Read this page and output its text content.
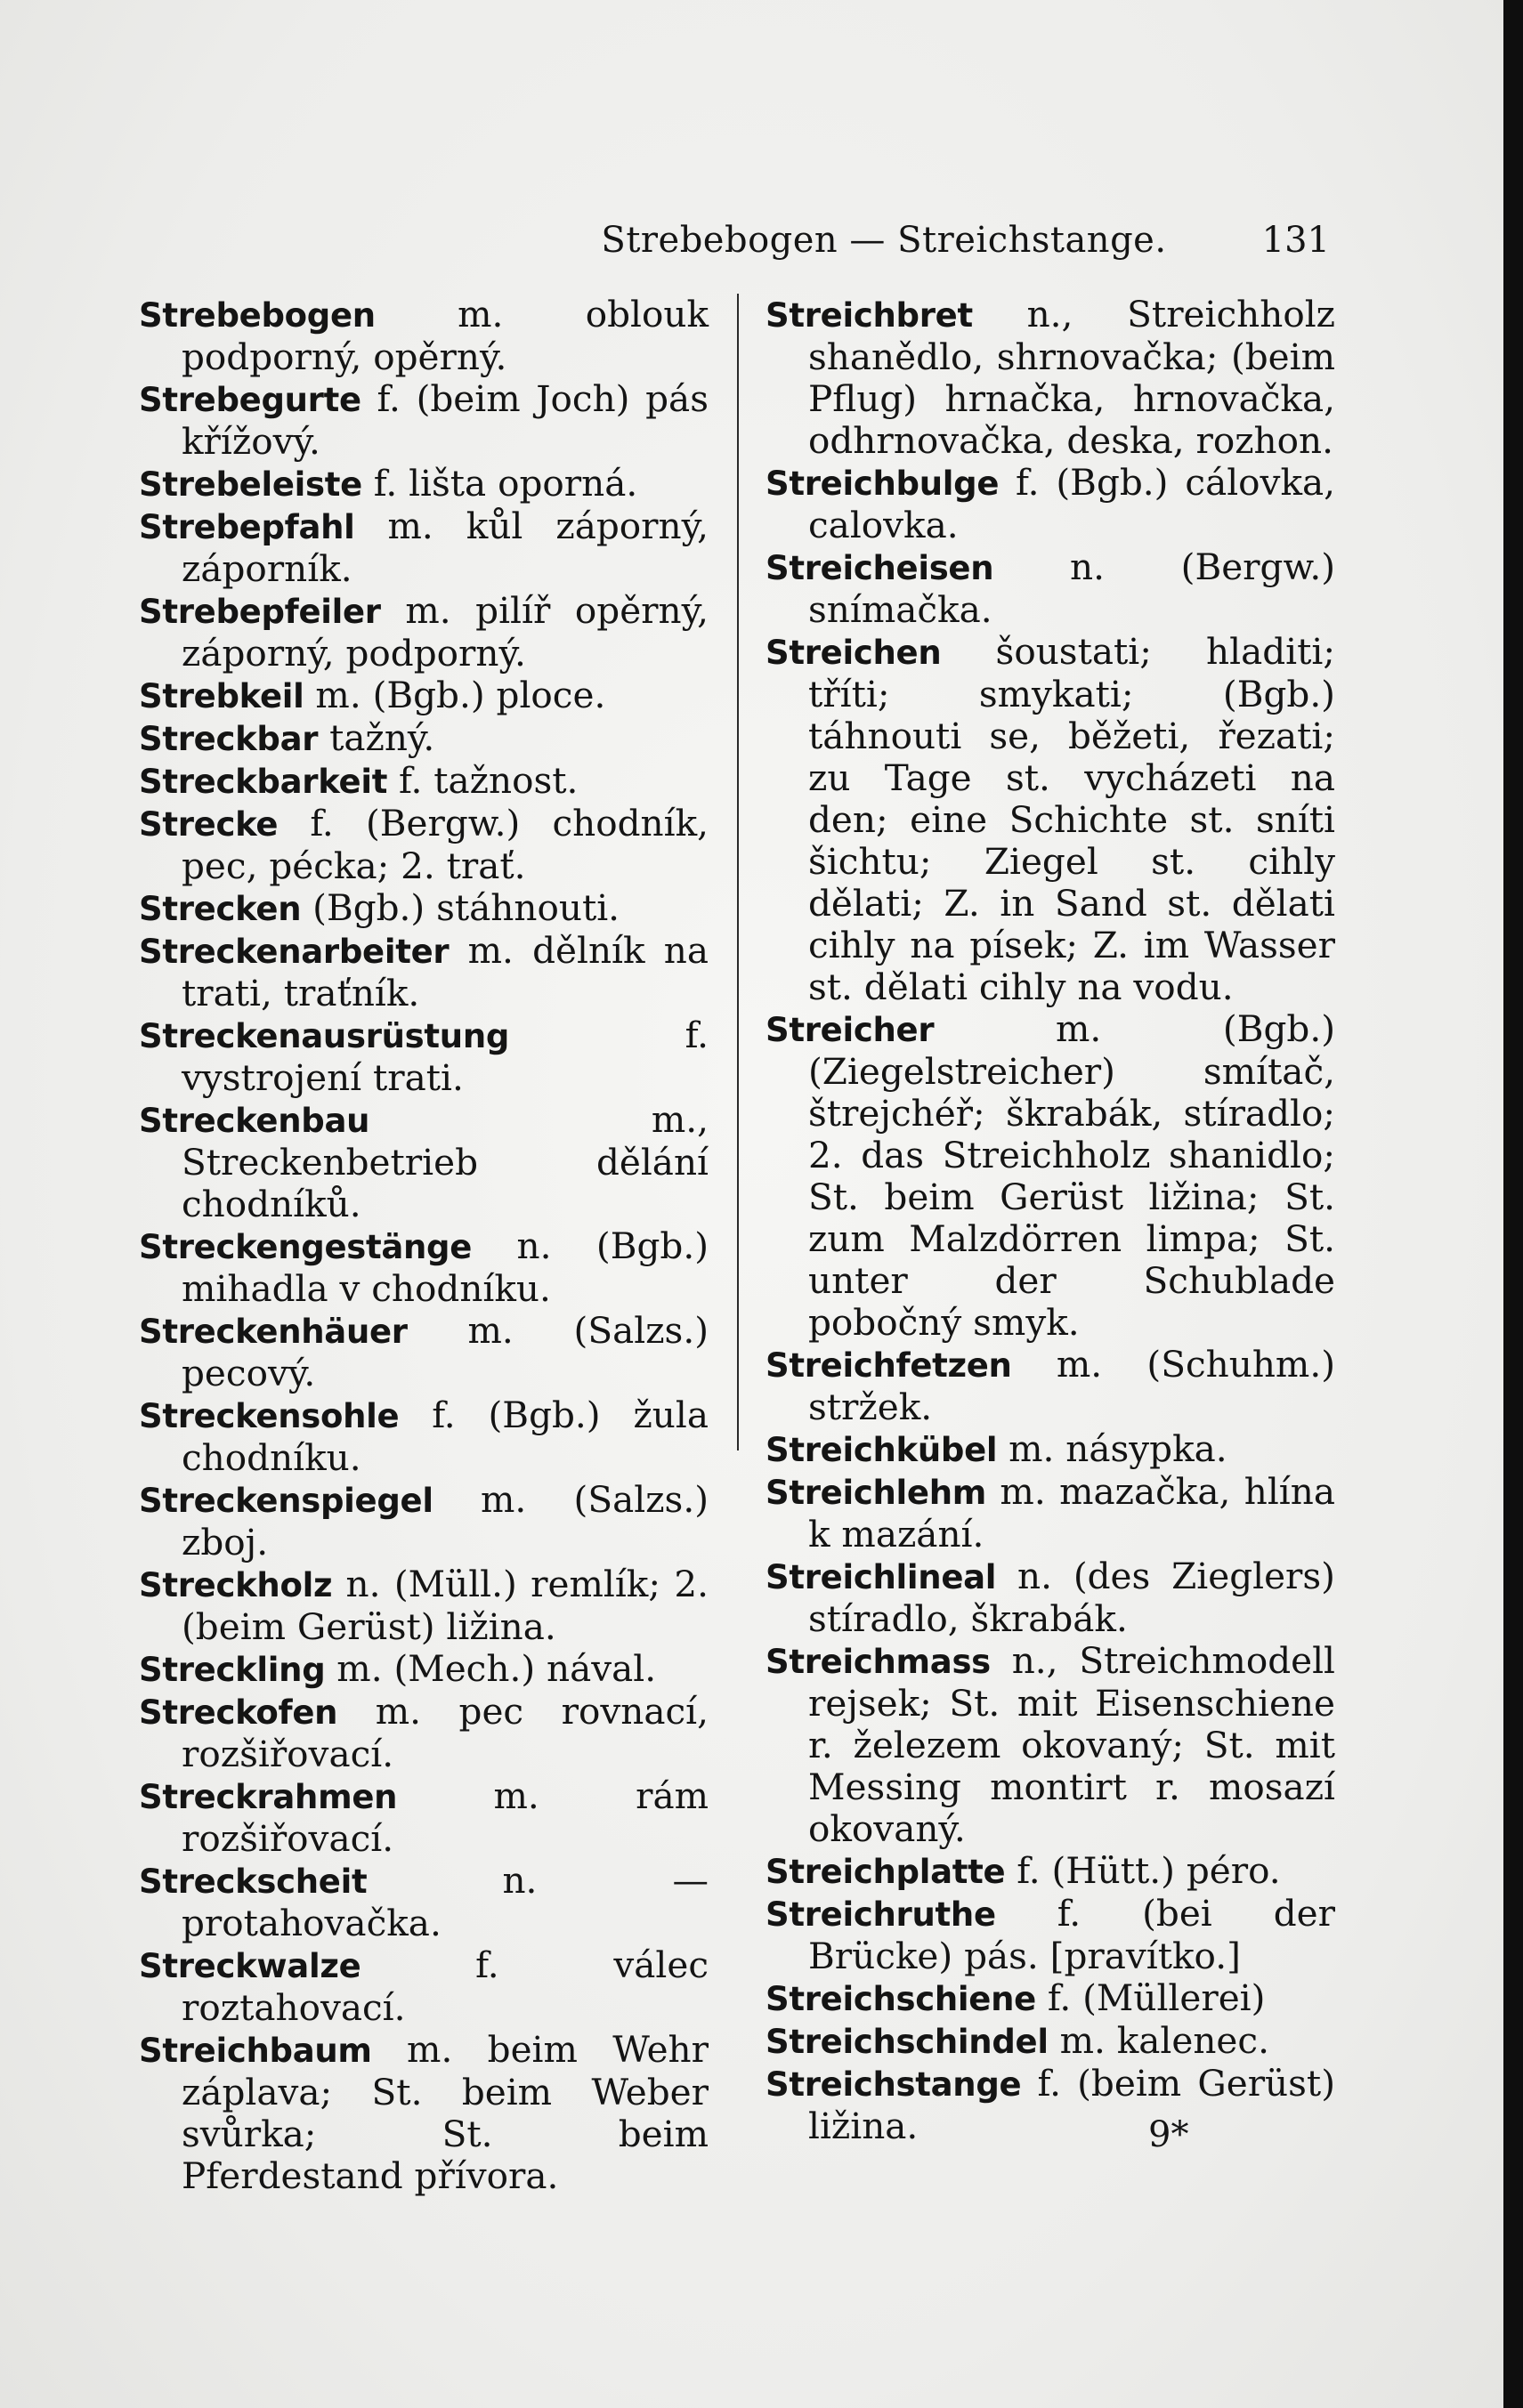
Strebebogen — Streichstange.	131

Strebebogen m. oblouk podporný, opěrný.

Strebegurte f. (beim Joch) pás křížový.

Strebeleiste f. lišta oporná.

Strebepfahl m. kůl záporný, záporník.

Strebepfeiler m. pilíř opěrný, záporný, podporný.

Strebkeil m. (Bgb.) ploce.

Streckbar tažný.

Streckbarkeit f. tažnost.

Strecke f. (Bergw.) chodník, pec, pécka; 2. trať.

Strecken (Bgb.) stáhnouti.

Streckenarbeiter m. dělník na trati, traťník.

Streckenausrüstung f. vystrojení trati.

Streckenbau m., Streckenbetrieb dělání chodníků.

Streckengestänge n. (Bgb.) mihadla v chodníku.

Streckenhäuer m. (Salzs.) pecový.

Streckensohle f. (Bgb.) žula chodníku.

Streckenspiegel m. (Salzs.) zboj.

Streckholz n. (Müll.) remlík; 2. (beim Gerüst) ližina.

Streckling m. (Mech.) nával.

Streckofen m. pec rovnací, rozšiřovací.

Streckrahmen m. rám rozšiřovací.

Streckscheit n. — protahovačka.

Streckwalze f. válec roztahovací.

Streichbaum m. beim Wehr záplava; St. beim Weber svůrka; St. beim Pferdestand přívora.

Streichbret n., Streichholz shanědlo, shrnovačka; (beim Pflug) hrnačka, hrnovačka, odhrnovačka, deska, rozhon.

Streichbulge f. (Bgb.) cálovka, calovka.

Streicheisen n. (Bergw.) snímačka.

Streichen šoustati; hladiti; tříti; smykati; (Bgb.) táhnouti se, běžeti, řezati; zu Tage st. vycházeti na den; eine Schichte st. sníti šichtu; Ziegel st. cihly dělati; Z. in Sand st. dělati cihly na písek; Z. im Wasser st. dělati cihly na vodu.

Streicher m. (Bgb.) (Ziegelstreicher) smítač, štrejchéř; škrabák, stíradlo; 2. das Streichholz shanidlo; St. beim Gerüst ližina; St. zum Malzdörren limpa; St. unter der Schublade pobočný smyk.

Streichfetzen m. (Schuhm.) stržek.

Streichkübel m. násypka.

Streichlehm m. mazačka, hlína k mazání.

Streichlineal n. (des Zieglers) stíradlo, škrabák.

Streichmass n., Streichmodell rejsek; St. mit Eisenschiene r. železem okovaný; St. mit Messing montirt r. mosazí okovaný.

Streichplatte f. (Hütt.) péro.

Streichruthe f. (bei der Brücke) pás. [pravítko.]

Streichschiene f. (Müllerei)

Streichschindel m. kalenec.

Streichstange f. (beim Gerüst) ližina.	9*
